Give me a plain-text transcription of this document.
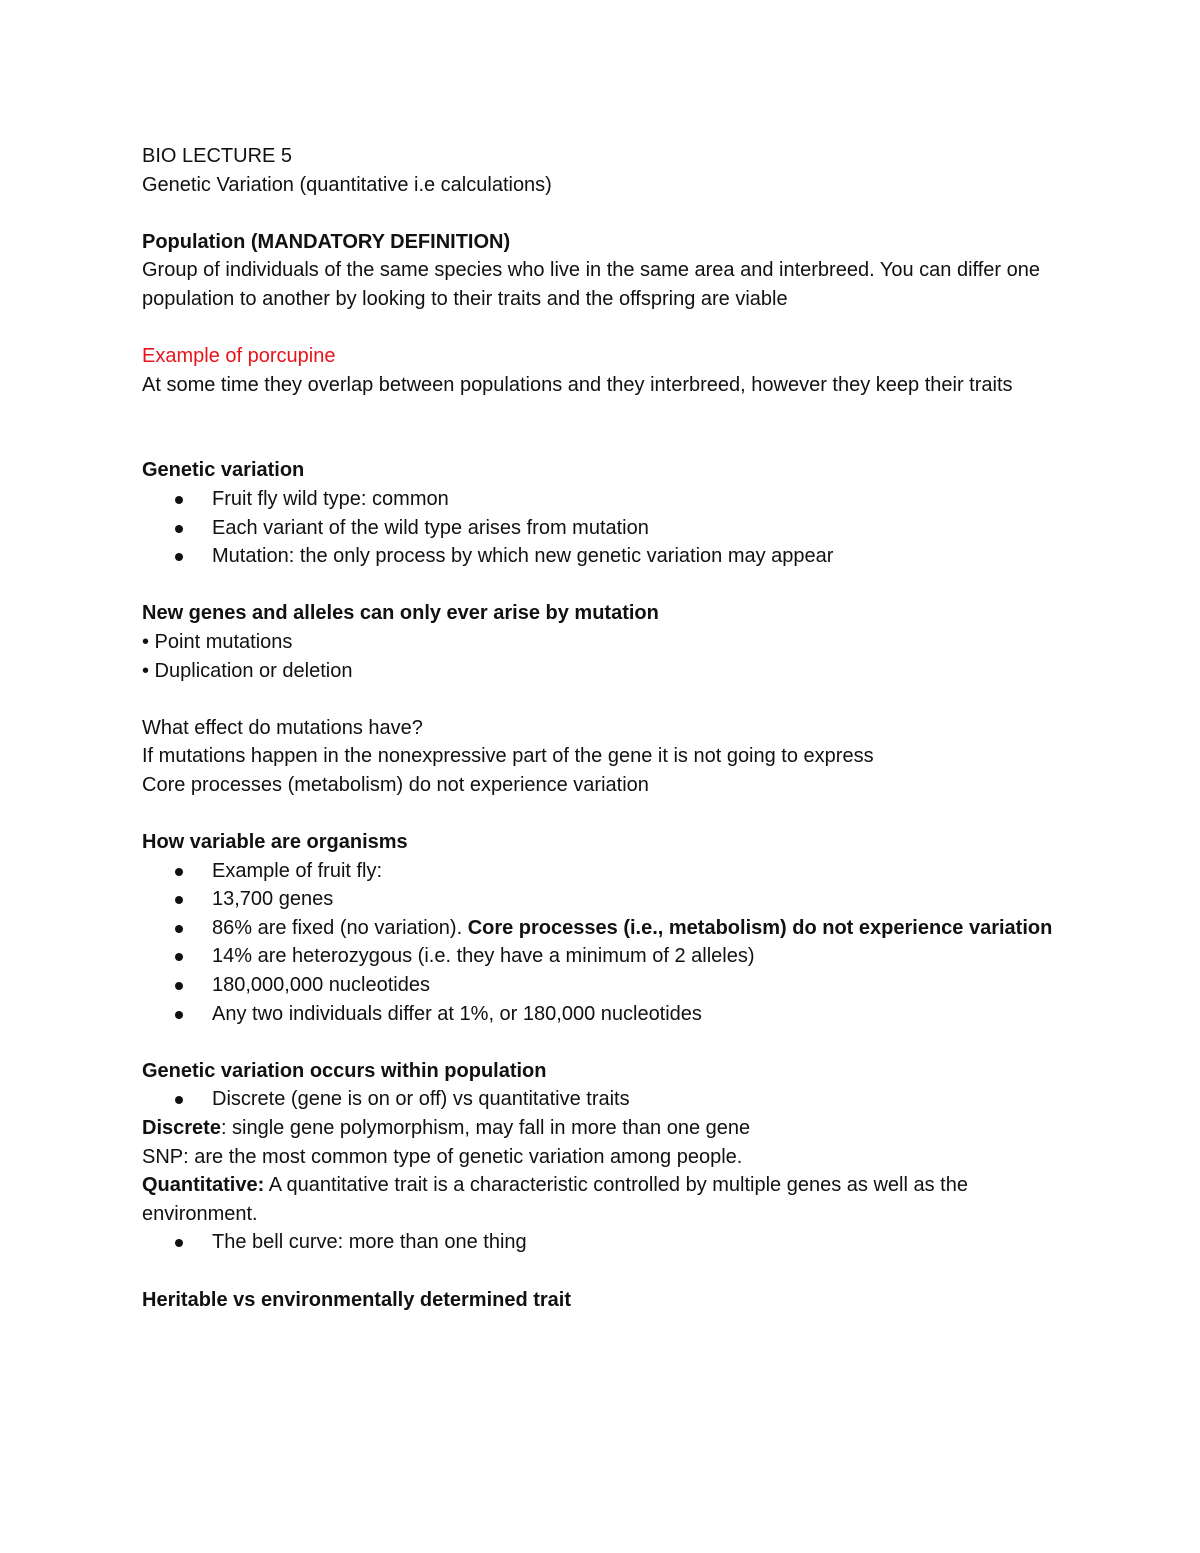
BIO LECTURE 5

Genetic Variation (quantitative i.e calculations)

Population (MANDATORY DEFINITION)

Group of individuals of the same species who live in the same area and interbreed. You can differ one population to another by looking to their traits and the offspring are viable

Example of porcupine

At some time they overlap between populations and they interbreed, however they keep their traits

Genetic variation

Fruit fly wild type: common
Each variant of the wild type arises from mutation
Mutation: the only process by which new genetic variation may appear

New genes and alleles can only ever arise by mutation

• Point mutations

• Duplication or deletion

What effect do mutations have?

If mutations happen in the nonexpressive part of the gene it is not going to express

Core processes (metabolism) do not experience variation

How variable are organisms

Example of fruit fly:
13,700 genes
86% are fixed (no variation). Core processes (i.e., metabolism) do not experience variation
14% are heterozygous (i.e. they have a minimum of 2 alleles)
180,000,000 nucleotides
Any two individuals differ at 1%, or 180,000 nucleotides

Genetic variation occurs within population

Discrete (gene is on or off) vs quantitative traits

Discrete: single gene polymorphism, may fall in more than one gene

SNP: are the most common type of genetic variation among people.

Quantitative: A quantitative trait is a characteristic controlled by multiple genes as well as the environment.

The bell curve: more than one thing

Heritable vs environmentally determined trait
